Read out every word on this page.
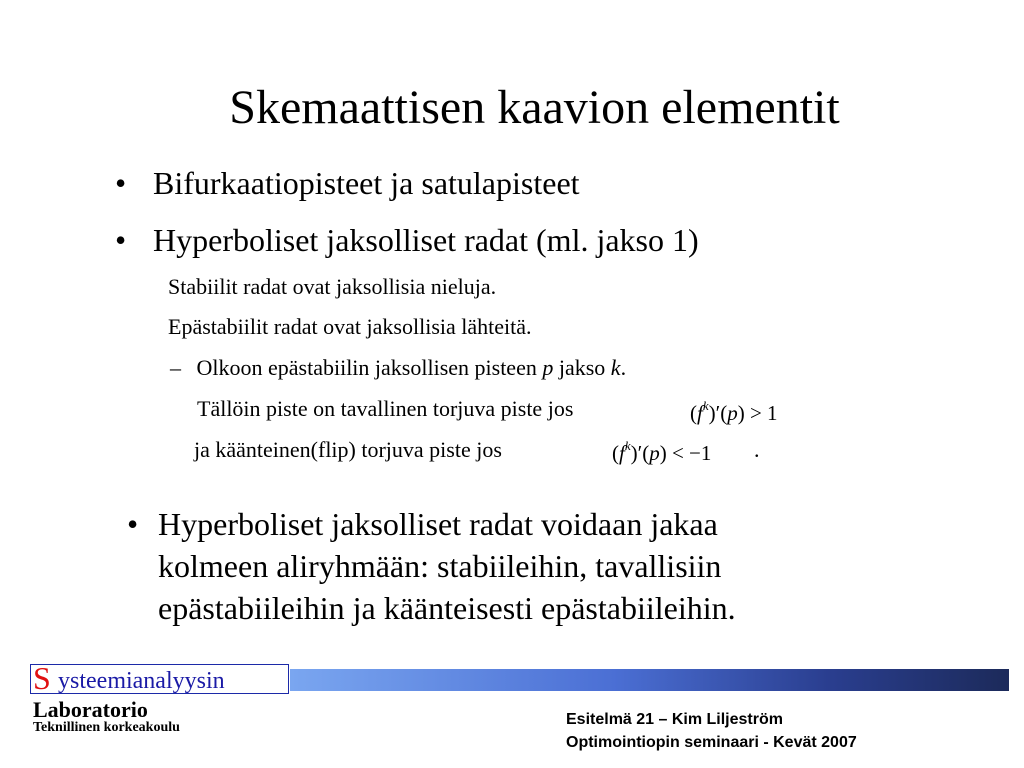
Skemaattisen kaavion elementit
• Bifurkaatiopisteet ja satulapisteet
• Hyperboliset jaksolliset radat (ml. jakso 1)
Stabiilit radat ovat jaksollisia nieluja.
Epästabiilit radat ovat jaksollisia lähteitä.
– Olkoon epästabiilin jaksollisen pisteen p jakso k.
Tällöin piste on tavallinen torjuva piste jos	$(f^k)'(p) > 1$
ja käänteinen(flip) torjuva piste jos	$(f^k)'(p) < -1$ .
• Hyperboliset jaksolliset radat voidaan jakaa
kolmeen aliryhmään: stabiileihin, tavallisiin
epästabiileihin ja käänteisesti epästabiileihin.
S ysteemianalyysin
Laboratorio
Teknillinen korkeakoulu	Esitelmä 21 – Kim Liljeström
Optimointiopin seminaari - Kevät 2007
